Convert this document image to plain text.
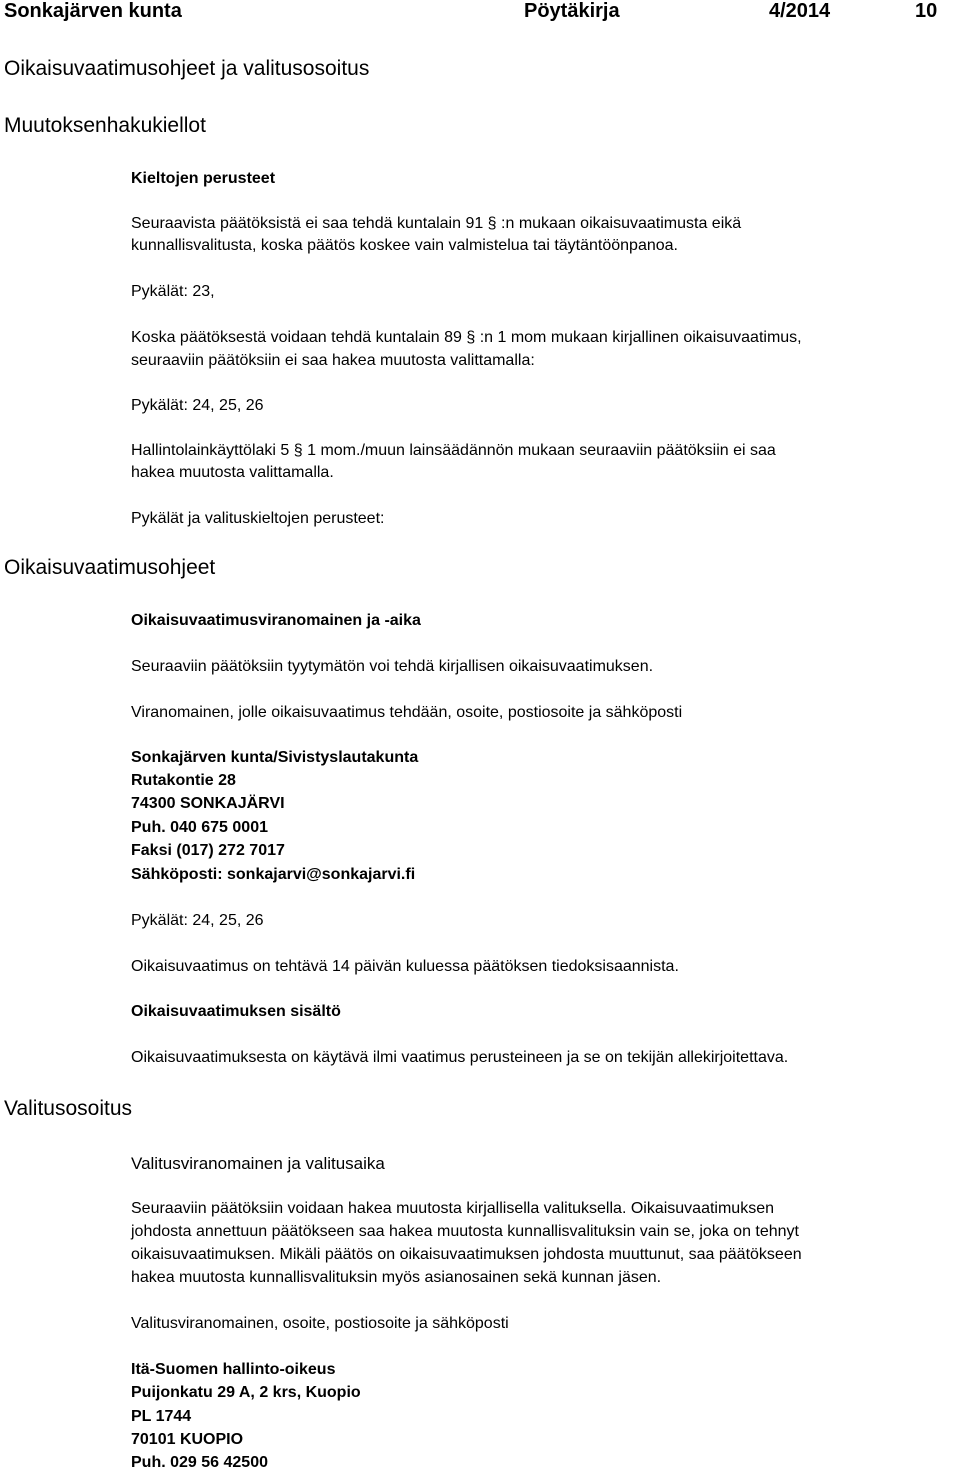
Sonkajärven kunta	Pöytäkirja	4/2014	10
Oikaisuvaatimusohjeet ja valitusosoitus
Muutoksenhakukiellot
Kieltojen perusteet
Seuraavista päätöksistä ei saa tehdä kuntalain 91 § :n mukaan oikaisuvaatimusta eikä
kunnallisvalitusta, koska päätös koskee vain valmistelua tai täytäntöönpanoa.
Pykälät: 23,
Koska päätöksestä voidaan tehdä kuntalain 89 § :n 1 mom mukaan kirjallinen oikaisuvaatimus,
seuraaviin päätöksiin ei saa hakea muutosta valittamalla:
Pykälät: 24, 25, 26
Hallintolainkäyttölaki 5 § 1 mom./muun lainsäädännön mukaan seuraaviin päätöksiin ei saa
hakea muutosta valittamalla.
Pykälät ja valituskieltojen perusteet:
Oikaisuvaatimusohjeet
Oikaisuvaatimusviranomainen ja -aika
Seuraaviin päätöksiin tyytymätön voi tehdä kirjallisen oikaisuvaatimuksen.
Viranomainen, jolle oikaisuvaatimus tehdään, osoite, postiosoite ja sähköposti
Sonkajärven kunta/Sivistyslautakunta
Rutakontie 28
74300 SONKAJÄRVI
Puh. 040 675 0001
Faksi (017) 272 7017
Sähköposti: sonkajarvi@sonkajarvi.fi
Pykälät: 24, 25, 26
Oikaisuvaatimus on tehtävä 14 päivän kuluessa päätöksen tiedoksisaannista.
Oikaisuvaatimuksen sisältö
Oikaisuvaatimuksesta on käytävä ilmi vaatimus perusteineen ja se on tekijän allekirjoitettava.
Valitusosoitus
Valitusviranomainen ja valitusaika
Seuraaviin päätöksiin voidaan hakea muutosta kirjallisella valituksella. Oikaisuvaatimuksen
johdosta annettuun päätökseen saa hakea muutosta kunnallisvalituksin vain se, joka on tehnyt
oikaisuvaatimuksen. Mikäli päätös on oikaisuvaatimuksen johdosta muuttunut, saa päätökseen
hakea muutosta kunnallisvalituksin myös asianosainen sekä kunnan jäsen.
Valitusviranomainen, osoite, postiosoite ja sähköposti
Itä-Suomen hallinto-oikeus
Puijonkatu 29 A, 2 krs, Kuopio
PL 1744
70101 KUOPIO
Puh. 029 56 42500
